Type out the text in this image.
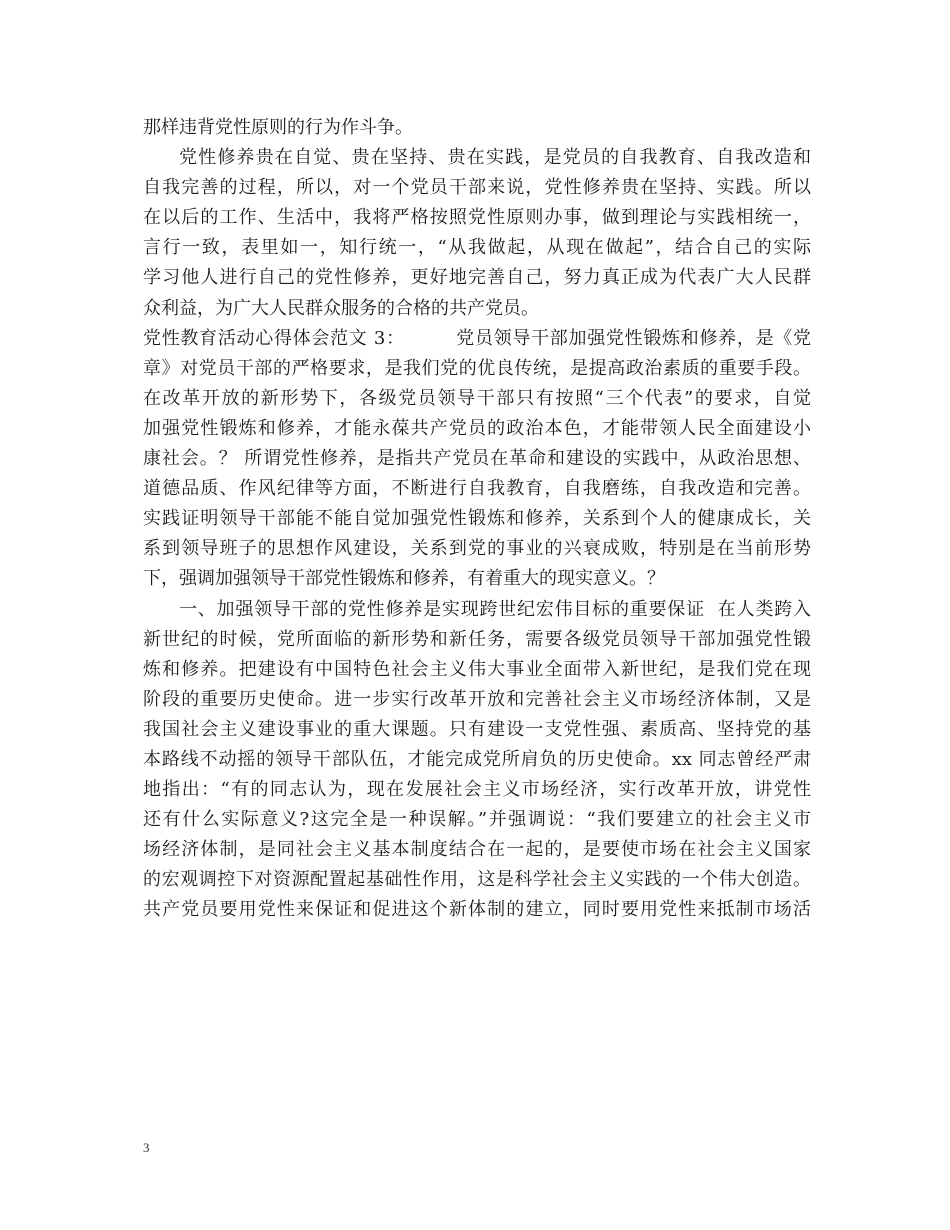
那样违背党性原则的行为作斗争。
党性修养贵在自觉、贵在坚持、贵在实践，是党员的自我教育、自我改造和
自我完善的过程，所以，对一个党员干部来说，党性修养贵在坚持、实践。所以
在以后的工作、生活中，我将严格按照党性原则办事，做到理论与实践相统一，
言行一致，表里如一，知行统一，“从我做起，从现在做起”，结合自己的实际
学习他人进行自己的党性修养，更好地完善自己，努力真正成为代表广大人民群
众利益，为广大人民群众服务的合格的共产党员。
党性教育活动心得体会范文 3：        党员领导干部加强党性锻炼和修养，是《党
章》对党员干部的严格要求，是我们党的优良传统，是提高政治素质的重要手段。
在改革开放的新形势下，各级党员领导干部只有按照“三个代表”的要求，自觉
加强党性锻炼和修养，才能永葆共产党员的政治本色，才能带领人民全面建设小
康社会。？ 所谓党性修养，是指共产党员在革命和建设的实践中，从政治思想、
道德品质、作风纪律等方面，不断进行自我教育，自我磨练，自我改造和完善。
实践证明领导干部能不能自觉加强党性锻炼和修养，关系到个人的健康成长，关
系到领导班子的思想作风建设，关系到党的事业的兴衰成败，特别是在当前形势
下，强调加强领导干部党性锻炼和修养，有着重大的现实意义。？
一、加强领导干部的党性修养是实现跨世纪宏伟目标的重要保证  在人类跨入
新世纪的时候，党所面临的新形势和新任务，需要各级党员领导干部加强党性锻
炼和修养。把建设有中国特色社会主义伟大事业全面带入新世纪，是我们党在现
阶段的重要历史使命。进一步实行改革开放和完善社会主义市场经济体制，又是
我国社会主义建设事业的重大课题。只有建设一支党性强、素质高、坚持党的基
本路线不动摇的领导干部队伍，才能完成党所肩负的历史使命。xx 同志曾经严肃
地指出：“有的同志认为，现在发展社会主义市场经济，实行改革开放，讲党性
还有什么实际意义?这完全是一种误解。”并强调说：“我们要建立的社会主义市
场经济体制，是同社会主义基本制度结合在一起的，是要使市场在社会主义国家
的宏观调控下对资源配置起基础性作用，这是科学社会主义实践的一个伟大创造。
共产党员要用党性来保证和促进这个新体制的建立，同时要用党性来抵制市场活
3
